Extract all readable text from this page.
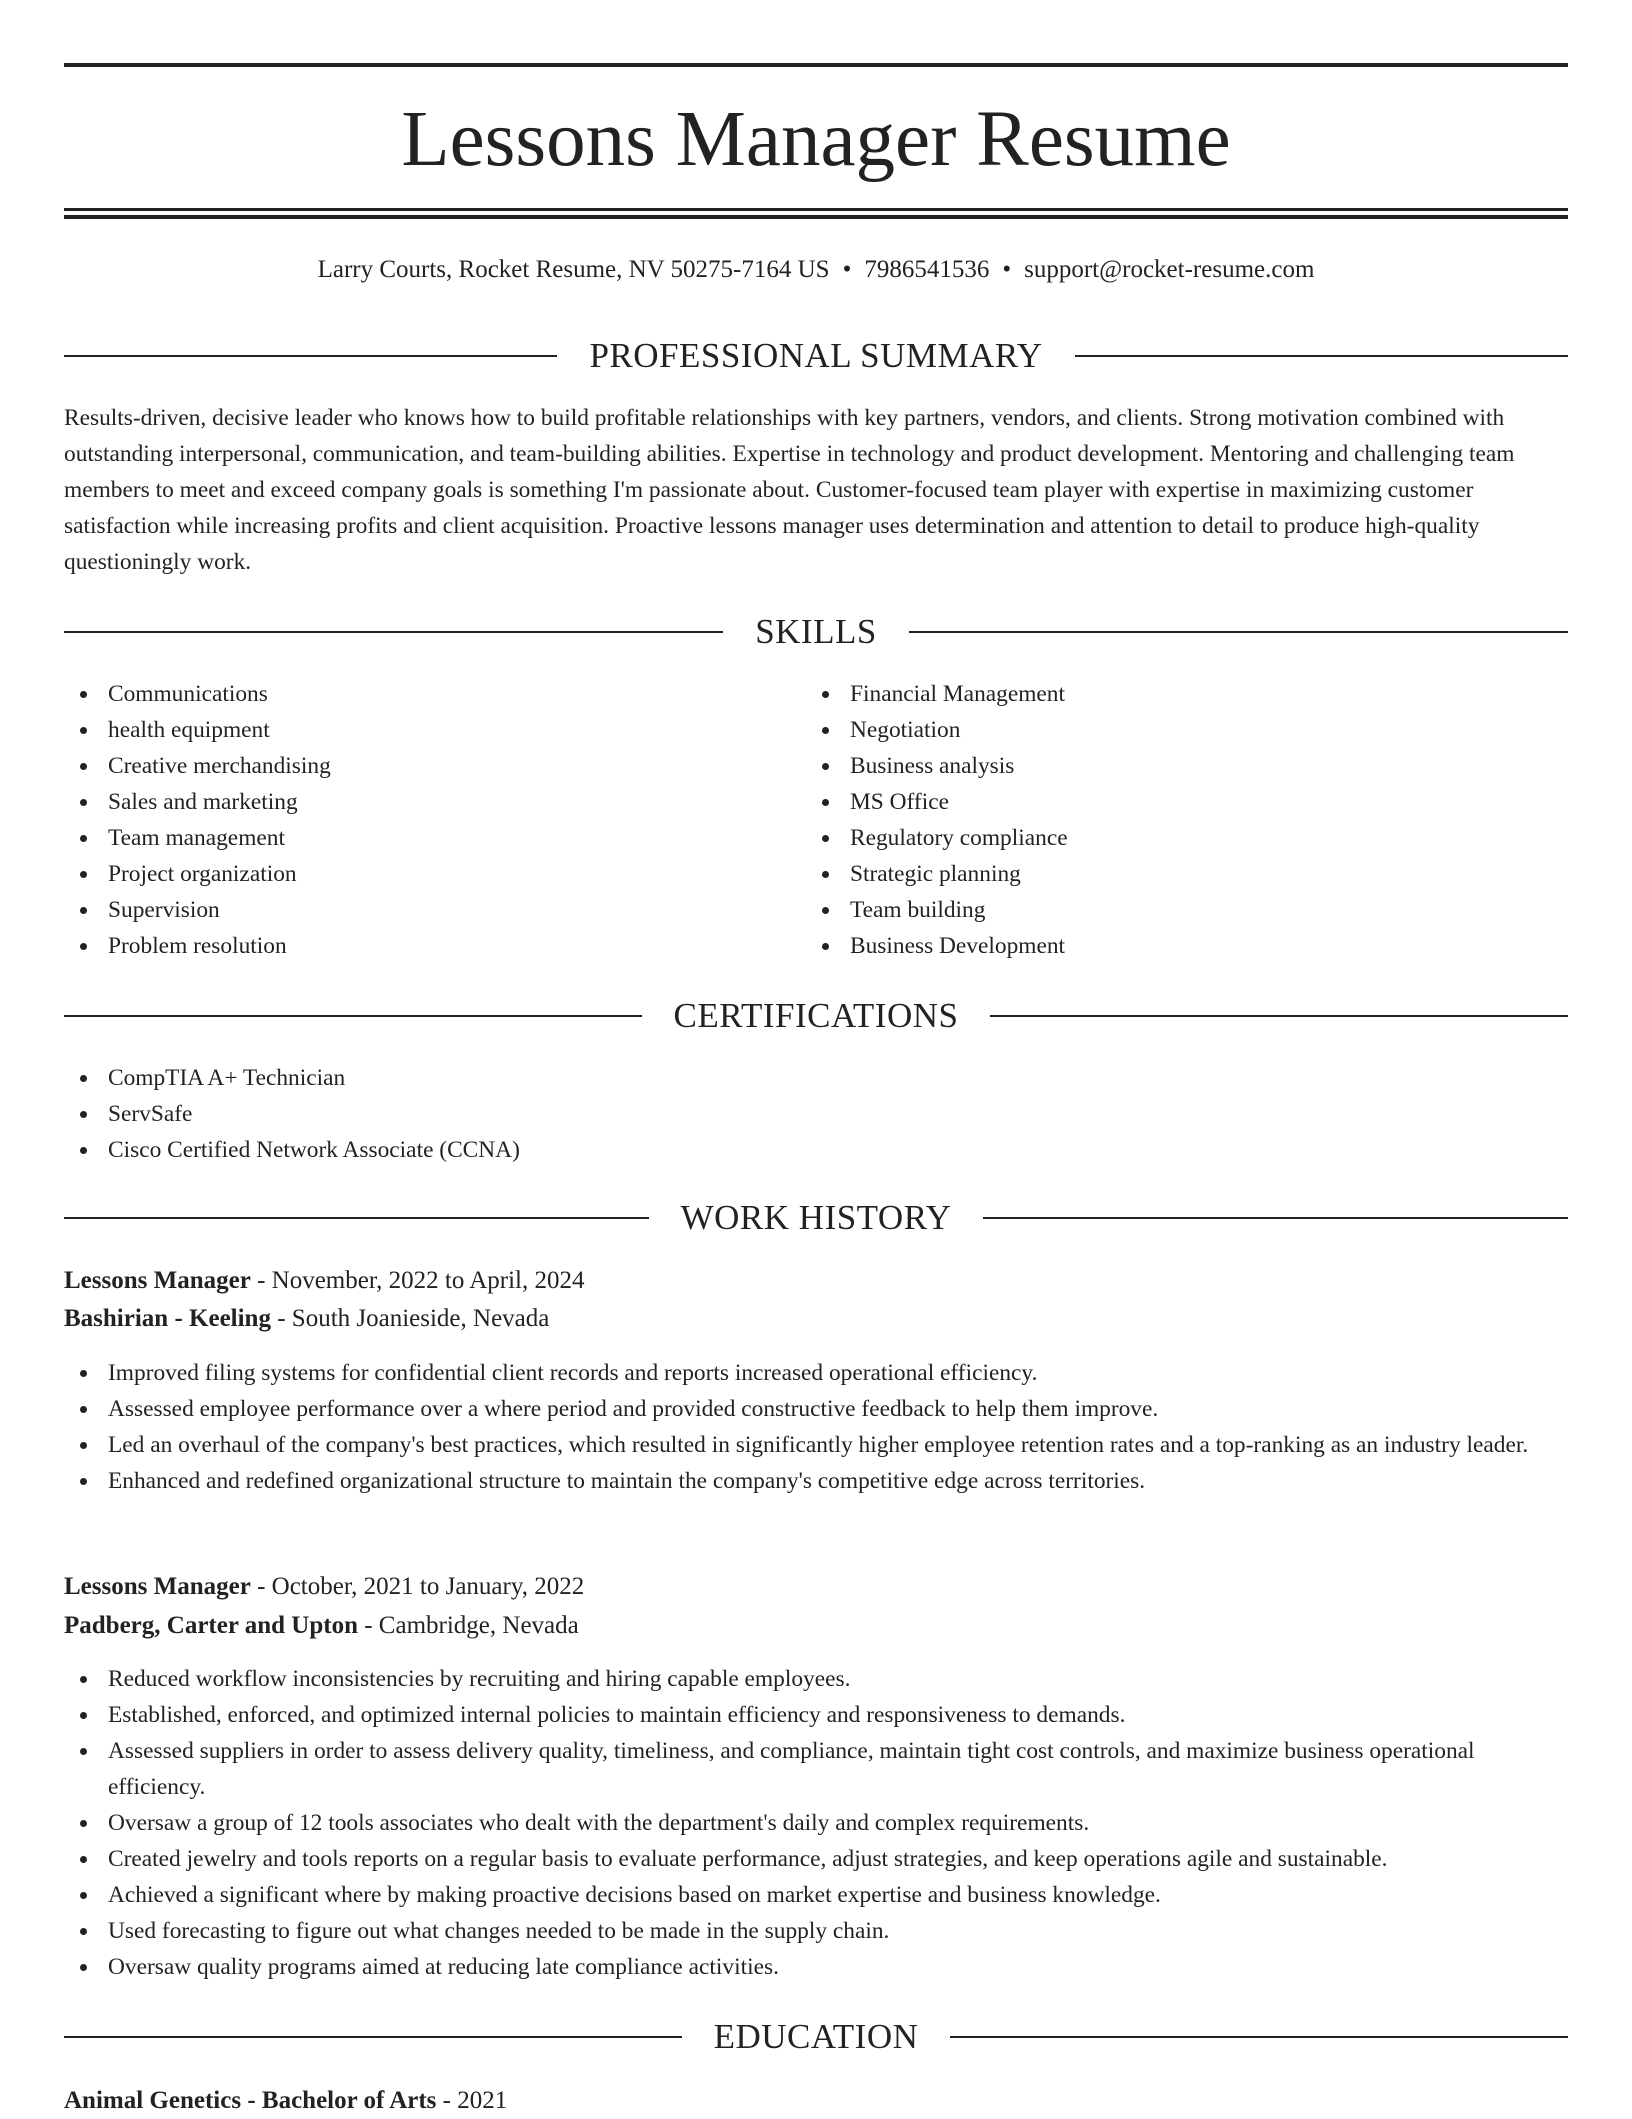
Lessons Manager Resume
Larry Courts, Rocket Resume, NV 50275-7164 US • 7986541536 • support@rocket-resume.com
PROFESSIONAL SUMMARY

Results-driven, decisive leader who knows how to build profitable relationships with key partners, vendors, and clients. Strong motivation combined with outstanding interpersonal, communication, and team-building abilities. Expertise in technology and product development. Mentoring and challenging team members to meet and exceed company goals is something I'm passionate about. Customer-focused team player with expertise in maximizing customer satisfaction while increasing profits and client acquisition. Proactive lessons manager uses determination and attention to detail to produce high-quality questioningly work.

SKILLS
Communications
health equipment
Creative merchandising
Sales and marketing
Team management
Project organization
Supervision
Problem resolution
Financial Management
Negotiation
Business analysis
MS Office
Regulatory compliance
Strategic planning
Team building
Business Development
CERTIFICATIONS
CompTIA A+ Technician
ServSafe
Cisco Certified Network Associate (CCNA)
WORK HISTORY
Lessons Manager - November, 2022 to April, 2024
Bashirian - Keeling - South Joanieside, Nevada
Improved filing systems for confidential client records and reports increased operational efficiency.
Assessed employee performance over a where period and provided constructive feedback to help them improve.
Led an overhaul of the company's best practices, which resulted in significantly higher employee retention rates and a top-ranking as an industry leader.
Enhanced and redefined organizational structure to maintain the company's competitive edge across territories.
Lessons Manager - October, 2021 to January, 2022
Padberg, Carter and Upton - Cambridge, Nevada
Reduced workflow inconsistencies by recruiting and hiring capable employees.
Established, enforced, and optimized internal policies to maintain efficiency and responsiveness to demands.
Assessed suppliers in order to assess delivery quality, timeliness, and compliance, maintain tight cost controls, and maximize business operational efficiency.
Oversaw a group of 12 tools associates who dealt with the department's daily and complex requirements.
Created jewelry and tools reports on a regular basis to evaluate performance, adjust strategies, and keep operations agile and sustainable.
Achieved a significant where by making proactive decisions based on market expertise and business knowledge.
Used forecasting to figure out what changes needed to be made in the supply chain.
Oversaw quality programs aimed at reducing late compliance activities.
EDUCATION
Animal Genetics - Bachelor of Arts - 2021
